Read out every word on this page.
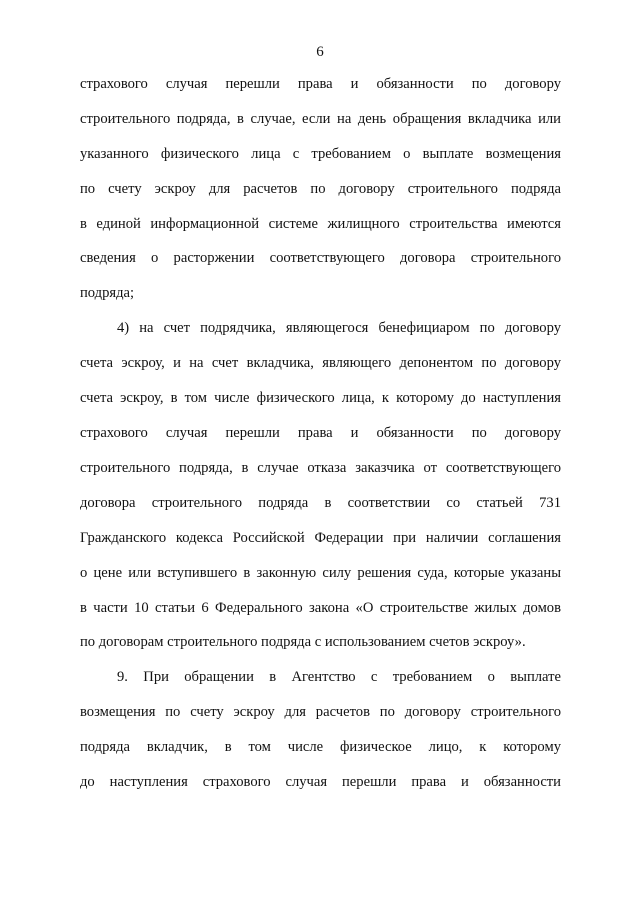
6
страхового случая перешли права и обязанности по договору
строительного подряда, в случае, если на день обращения вкладчика или
указанного физического лица с требованием о выплате возмещения
по счету эскроу для расчетов по договору строительного подряда
в единой информационной системе жилищного строительства имеются
сведения о расторжении соответствующего договора строительного
подряда;
4) на счет подрядчика, являющегося бенефициаром по договору
счета эскроу, и на счет вкладчика, являющего депонентом по договору
счета эскроу, в том числе физического лица, к которому до наступления
страхового случая перешли права и обязанности по договору
строительного подряда, в случае отказа заказчика от соответствующего
договора строительного подряда в соответствии со статьей 731
Гражданского кодекса Российской Федерации при наличии соглашения
о цене или вступившего в законную силу решения суда, которые указаны
в части 10 статьи 6 Федерального закона «О строительстве жилых домов
по договорам строительного подряда с использованием счетов эскроу».
9. При обращении в Агентство с требованием о выплате
возмещения по счету эскроу для расчетов по договору строительного
подряда вкладчик, в том числе физическое лицо, к которому
до наступления страхового случая перешли права и обязанности
